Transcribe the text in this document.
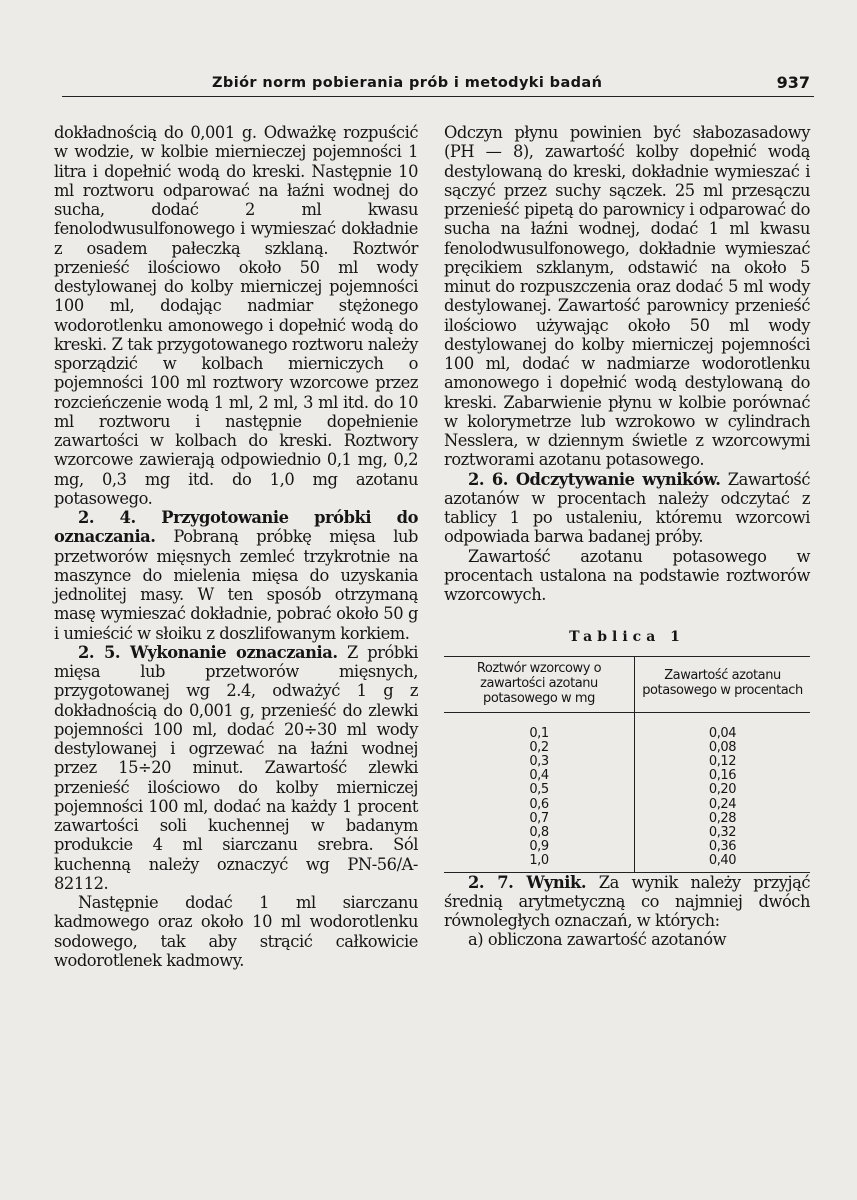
Zbiór norm pobierania prób i metodyki badań	937

dokładnością do 0,001 g. Odważkę rozpuścić w wodzie, w kolbie miernieczej pojemności 1 litra i dopełnić wodą do kreski. Następnie 10 ml roztworu odparować na łaźni wodnej do sucha, dodać 2 ml kwasu fenolodwusulfonowego i wymieszać dokładnie z osadem pałeczką szklaną. Roztwór przenieść ilościowo około 50 ml wody destylowanej do kolby mierniczej pojemności 100 ml, dodając nadmiar stężonego wodorotlenku amonowego i dopełnić wodą do kreski. Z tak przygotowanego roztworu należy sporządzić w kolbach mierniczych o pojemności 100 ml roztwory wzorcowe przez rozcieńczenie wodą 1 ml, 2 ml, 3 ml itd. do 10 ml roztworu i następnie dopełnienie zawartości w kolbach do kreski. Roztwory wzorcowe zawierają odpowiednio 0,1 mg, 0,2 mg, 0,3 mg itd. do 1,0 mg azotanu potasowego.

2. 4. Przygotowanie próbki do oznaczania. Pobraną próbkę mięsa lub przetworów mięsnych zemleć trzykrotnie na maszynce do mielenia mięsa do uzyskania jednolitej masy. W ten sposób otrzymaną masę wymieszać dokładnie, pobrać około 50 g i umieścić w słoiku z doszlifowanym korkiem.

2. 5. Wykonanie oznaczania. Z próbki mięsa lub przetworów mięsnych, przygotowanej wg 2.4, odważyć 1 g z dokładnością do 0,001 g, przenieść do zlewki pojemności 100 ml, dodać 20÷30 ml wody destylowanej i ogrzewać na łaźni wodnej przez 15÷20 minut. Zawartość zlewki przenieść ilościowo do kolby mierniczej pojemności 100 ml, dodać na każdy 1 procent zawartości soli kuchennej w badanym produkcie 4 ml siarczanu srebra. Sól kuchenną należy oznaczyć wg PN-56/A-82112.

Następnie dodać 1 ml siarczanu kadmowego oraz około 10 ml wodorotlenku sodowego, tak aby strącić całkowicie wodorotlenek kadmowy.

Odczyn płynu powinien być słabozasadowy (PH — 8), zawartość kolby dopełnić wodą destylowaną do kreski, dokładnie wymieszać i sączyć przez suchy sączek. 25 ml przesączu przenieść pipetą do parownicy i odparować do sucha na łaźni wodnej, dodać 1 ml kwasu fenolodwusulfonowego, dokładnie wymieszać pręcikiem szklanym, odstawić na około 5 minut do rozpuszczenia oraz dodać 5 ml wody destylowanej. Zawartość parownicy przenieść ilościowo używając około 50 ml wody destylowanej do kolby mierniczej pojemności 100 ml, dodać w nadmiarze wodorotlenku amonowego i dopełnić wodą destylowaną do kreski. Zabarwienie płynu w kolbie porównać w kolorymetrze lub wzrokowo w cylindrach Nesslera, w dziennym świetle z wzorcowymi roztworami azotanu potasowego.

2. 6. Odczytywanie wyników. Zawartość azotanów w procentach należy odczytać z tablicy 1 po ustaleniu, któremu wzorcowi odpowiada barwa badanej próby.

Zawartość azotanu potasowego w procentach ustalona na podstawie roztworów wzorcowych.

Tablica 1
Roztwór wzorcowy o zawartości azotanu potasowego w mg	Zawartość azotanu potasowego w procentach
0,1	0,04
0,2	0,08
0,3	0,12
0,4	0,16
0,5	0,20
0,6	0,24
0,7	0,28
0,8	0,32
0,9	0,36
1,0	0,40

2. 7. Wynik. Za wynik należy przyjąć średnią arytmetyczną co najmniej dwóch równoległych oznaczań, w których:

a) obliczona zawartość azotanów
